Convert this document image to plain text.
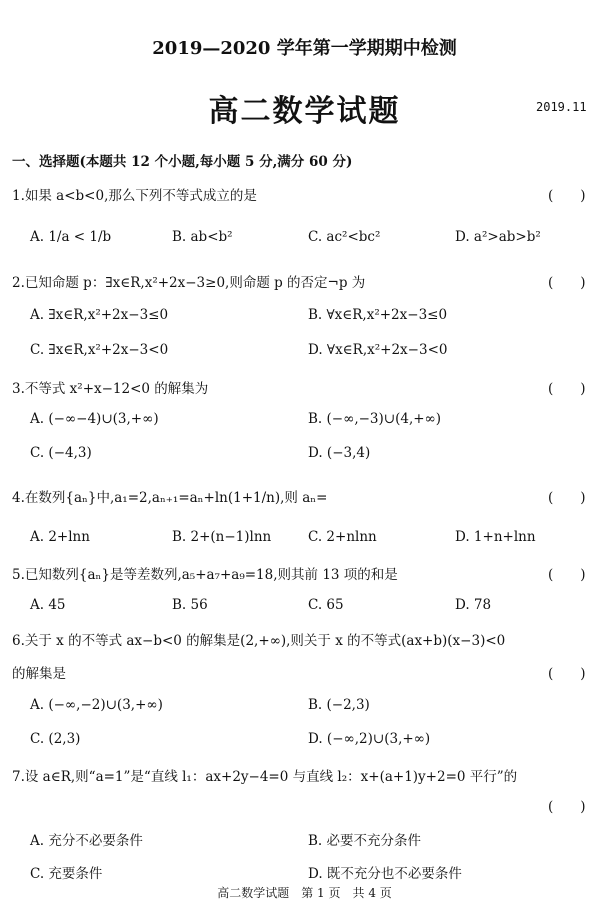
2019—2020 学年第一学期期中检测
高二数学试题	2019.11
一、选择题(本题共 12 个小题,每小题 5 分,满分 60 分)
1.如果 a<b<0,那么下列不等式成立的是	(　　)
A. 1/a < 1/b	B. ab<b²	C. ac²<bc²	D. a²>ab>b²
2.已知命题 p：∃x∈R,x²+2x−3≥0,则命题 p 的否定¬p 为	(　　)
A. ∃x∈R,x²+2x−3≤0	B. ∀x∈R,x²+2x−3≤0
C. ∃x∈R,x²+2x−3<0	D. ∀x∈R,x²+2x−3<0
3.不等式 x²+x−12<0 的解集为	(　　)
A. (−∞−4)∪(3,+∞)	B. (−∞,−3)∪(4,+∞)
C. (−4,3)	D. (−3,4)
4.在数列{aₙ}中,a₁=2,aₙ₊₁=aₙ+ln(1+1/n),则 aₙ=	(　　)
A. 2+lnn	B. 2+(n−1)lnn	C. 2+nlnn	D. 1+n+lnn
5.已知数列{aₙ}是等差数列,a₅+a₇+a₉=18,则其前 13 项的和是	(　　)
A. 45	B. 56	C. 65	D. 78
6.关于 x 的不等式 ax−b<0 的解集是(2,+∞),则关于 x 的不等式(ax+b)(x−3)<0
的解集是	(　　)
A. (−∞,−2)∪(3,+∞)	B. (−2,3)
C. (2,3)	D. (−∞,2)∪(3,+∞)
7.设 a∈R,则“a=1”是“直线 l₁：ax+2y−4=0 与直线 l₂：x+(a+1)y+2=0 平行”的
(　　)
A. 充分不必要条件	B. 必要不充分条件
C. 充要条件	D. 既不充分也不必要条件
高二数学试题　第 1 页　共 4 页
